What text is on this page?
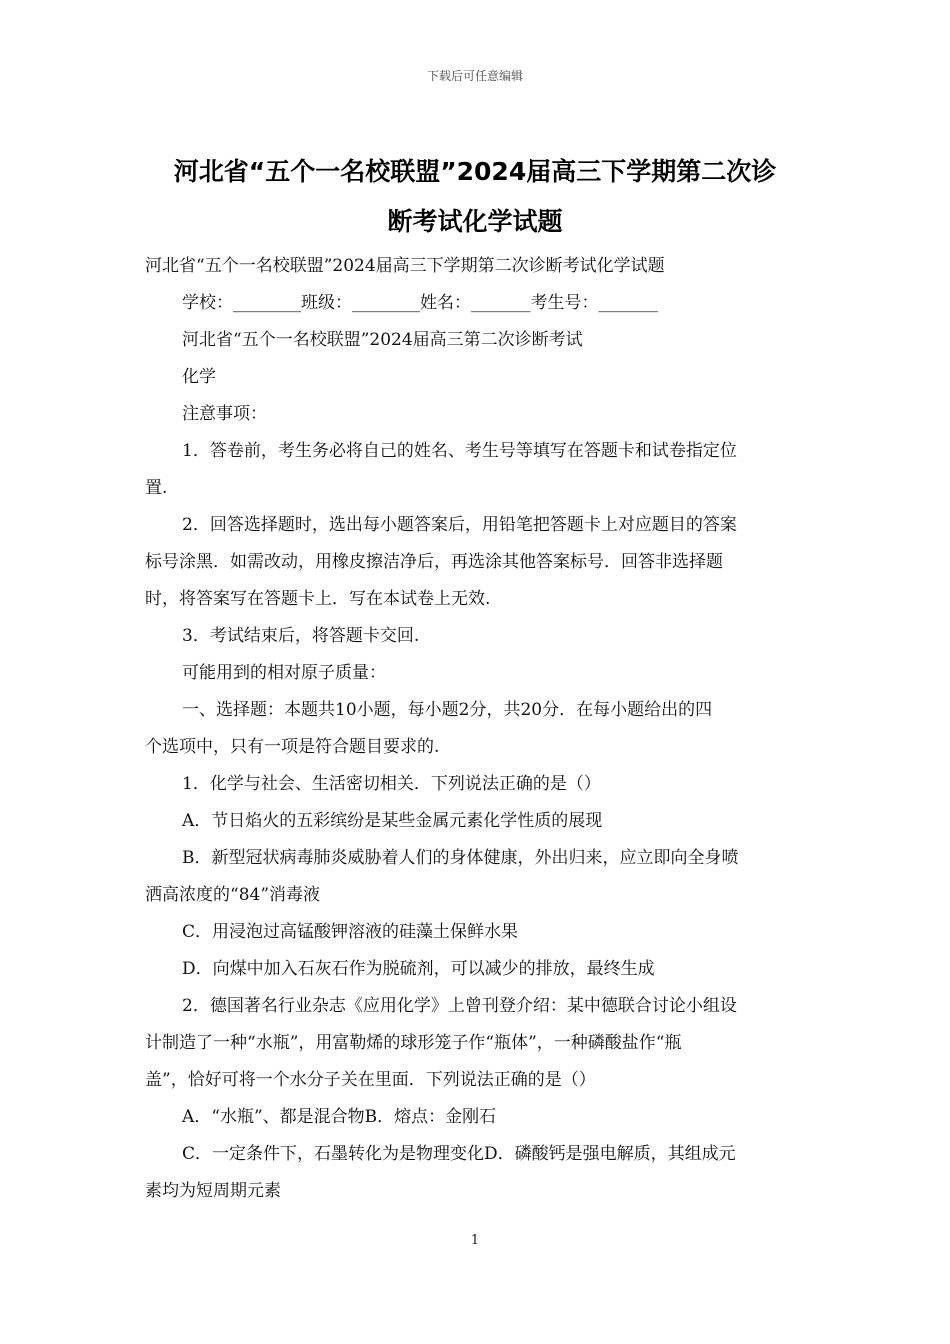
下载后可任意编辑
河北省“五个一名校联盟”2024届高三下学期第二次诊
断考试化学试题
河北省“五个一名校联盟”2024届高三下学期第二次诊断考试化学试题
学校：________班级：________姓名：_______考生号：_______
河北省“五个一名校联盟”2024届高三第二次诊断考试
化学
注意事项：
1．答卷前，考生务必将自己的姓名、考生号等填写在答题卡和试卷指定位
置.
2．回答选择题时，选出每小题答案后，用铅笔把答题卡上对应题目的答案
标号涂黑．如需改动，用橡皮擦洁净后，再选涂其他答案标号．回答非选择题
时，将答案写在答题卡上．写在本试卷上无效.
3．考试结束后，将答题卡交回.
可能用到的相对原子质量：
一、选择题：本题共10小题，每小题2分，共20分．在每小题给出的四
个选项中，只有一项是符合题目要求的.
1．化学与社会、生活密切相关．下列说法正确的是（）
A．节日焰火的五彩缤纷是某些金属元素化学性质的展现
B．新型冠状病毒肺炎威胁着人们的身体健康，外出归来，应立即向全身喷
洒高浓度的“84”消毒液
C．用浸泡过高锰酸钾溶液的硅藻土保鲜水果
D．向煤中加入石灰石作为脱硫剂，可以减少的排放，最终生成
2．德国著名行业杂志《应用化学》上曾刊登介绍：某中德联合讨论小组设
计制造了一种“水瓶”，用富勒烯的球形笼子作“瓶体”，一种磷酸盐作“瓶
盖”，恰好可将一个水分子关在里面．下列说法正确的是（）
A．“水瓶”、都是混合物B．熔点：金刚石
C．一定条件下，石墨转化为是物理变化D．磷酸钙是强电解质，其组成元
素均为短周期元素
1
